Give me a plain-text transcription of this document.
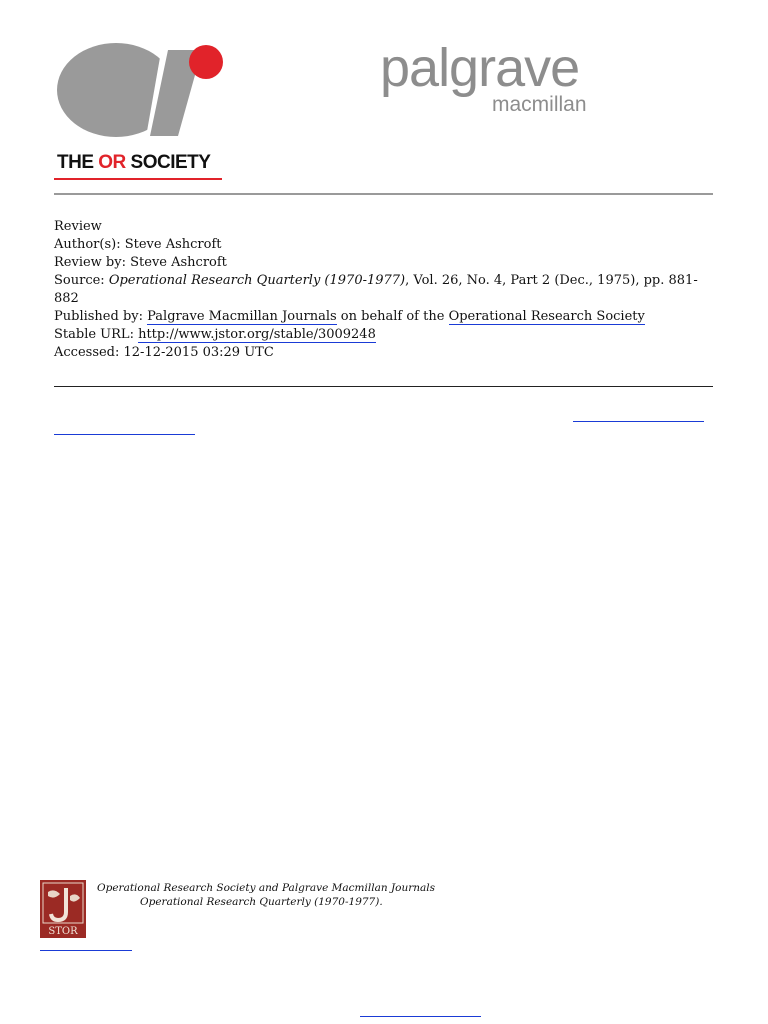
THE OR SOCIETY
palgrave
macmillan
Review
Author(s): Steve Ashcroft
Review by: Steve Ashcroft
Source: Operational Research Quarterly (1970-1977), Vol. 26, No. 4, Part 2 (Dec., 1975), pp. 881-
882
Published by: Palgrave Macmillan Journals on behalf of the Operational Research Society
Stable URL: http://www.jstor.org/stable/3009248
Accessed: 12-12-2015 03:29 UTC
STOR
Operational Research Society and Palgrave Macmillan Journals
Operational Research Quarterly (1970-1977).
